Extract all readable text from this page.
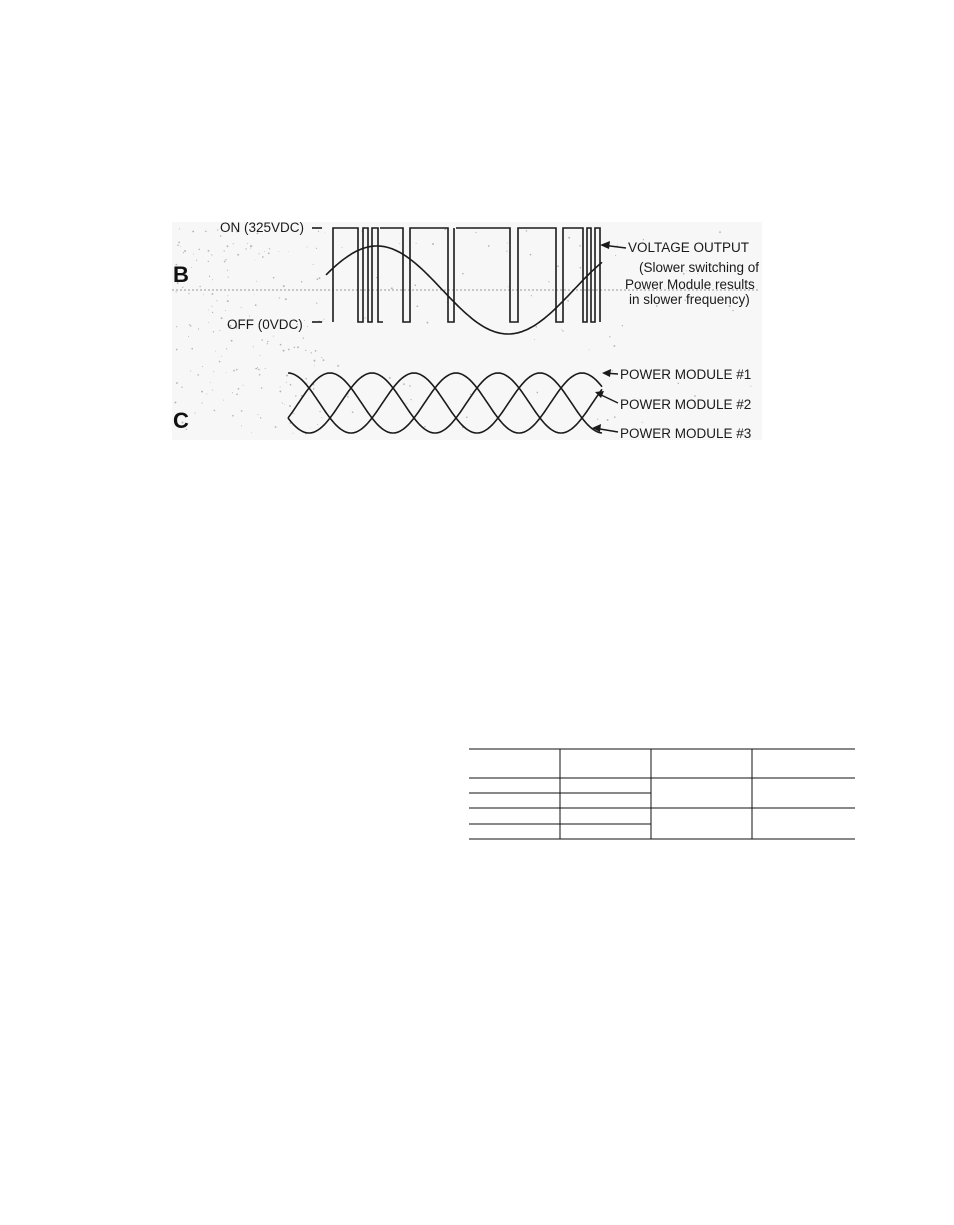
B
ON (325VDC)
OFF (0VDC)
VOLTAGE OUTPUT
(Slower switching of
Power Module results
in slower frequency)
C
POWER MODULE #1
POWER MODULE #2
POWER MODULE #3
